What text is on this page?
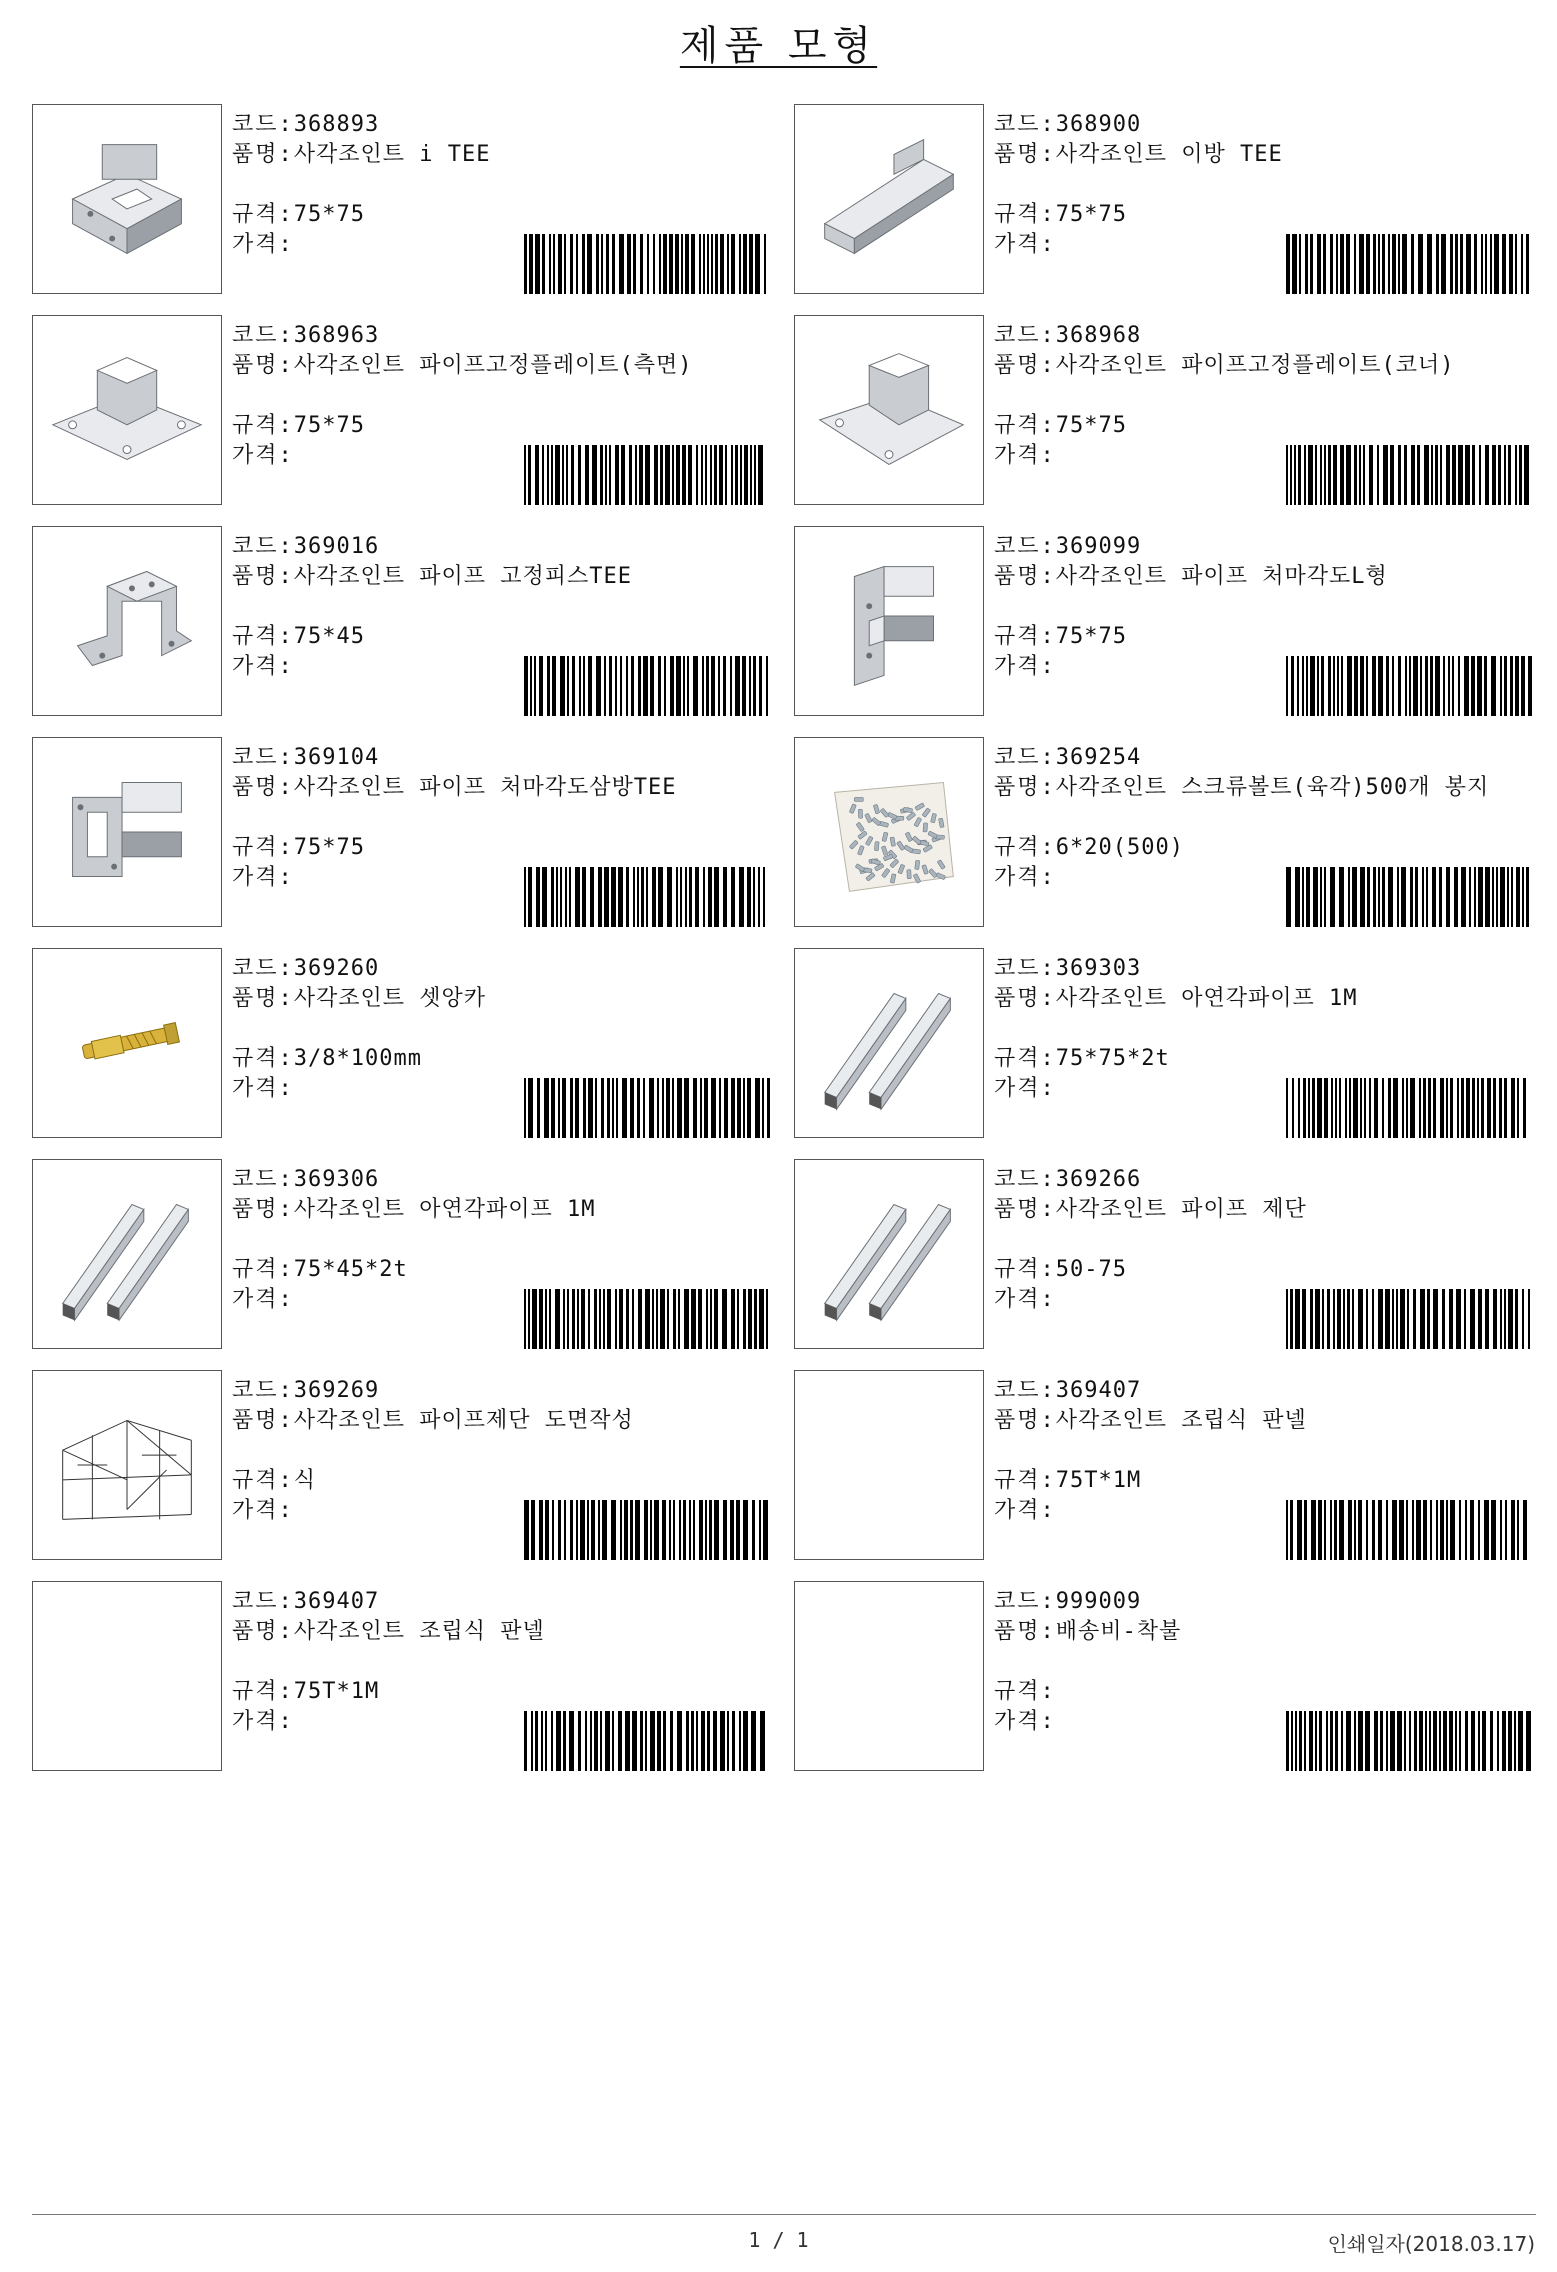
제품 모형
코드: 368893
품명: 사각조인트 i TEE
규격: 75*75
가격:
코드: 368900
품명: 사각조인트 이방 TEE
규격: 75*75
가격:
코드: 368963
품명: 사각조인트 파이프고정플레이트(측면)
규격: 75*75
가격:
코드: 368968
품명: 사각조인트 파이프고정플레이트(코너)
규격: 75*75
가격:
코드: 369016
품명: 사각조인트 파이프 고정피스TEE
규격: 75*45
가격:
코드: 369099
품명: 사각조인트 파이프 처마각도L형
규격: 75*75
가격:
코드: 369104
품명: 사각조인트 파이프 처마각도삼방TEE
규격: 75*75
가격:
코드: 369254
품명: 사각조인트 스크류볼트(육각)500개 봉지
규격: 6*20(500)
가격:
코드: 369260
품명: 사각조인트 셋앙카
규격: 3/8*100mm
가격:
코드: 369303
품명: 사각조인트 아연각파이프 1M
규격: 75*75*2t
가격:
코드: 369306
품명: 사각조인트 아연각파이프 1M
규격: 75*45*2t
가격:
코드: 369266
품명: 사각조인트 파이프 제단
규격: 50-75
가격:
코드: 369269
품명: 사각조인트 파이프제단 도면작성
규격: 식
가격:
코드: 369407
품명: 사각조인트 조립식 판넬
규격: 75T*1M
가격:
코드: 369407
품명: 사각조인트 조립식 판넬
규격: 75T*1M
가격:
코드: 999009
품명: 배송비-착불
규격:
가격:
1 / 1	인쇄일자(2018.03.17)
